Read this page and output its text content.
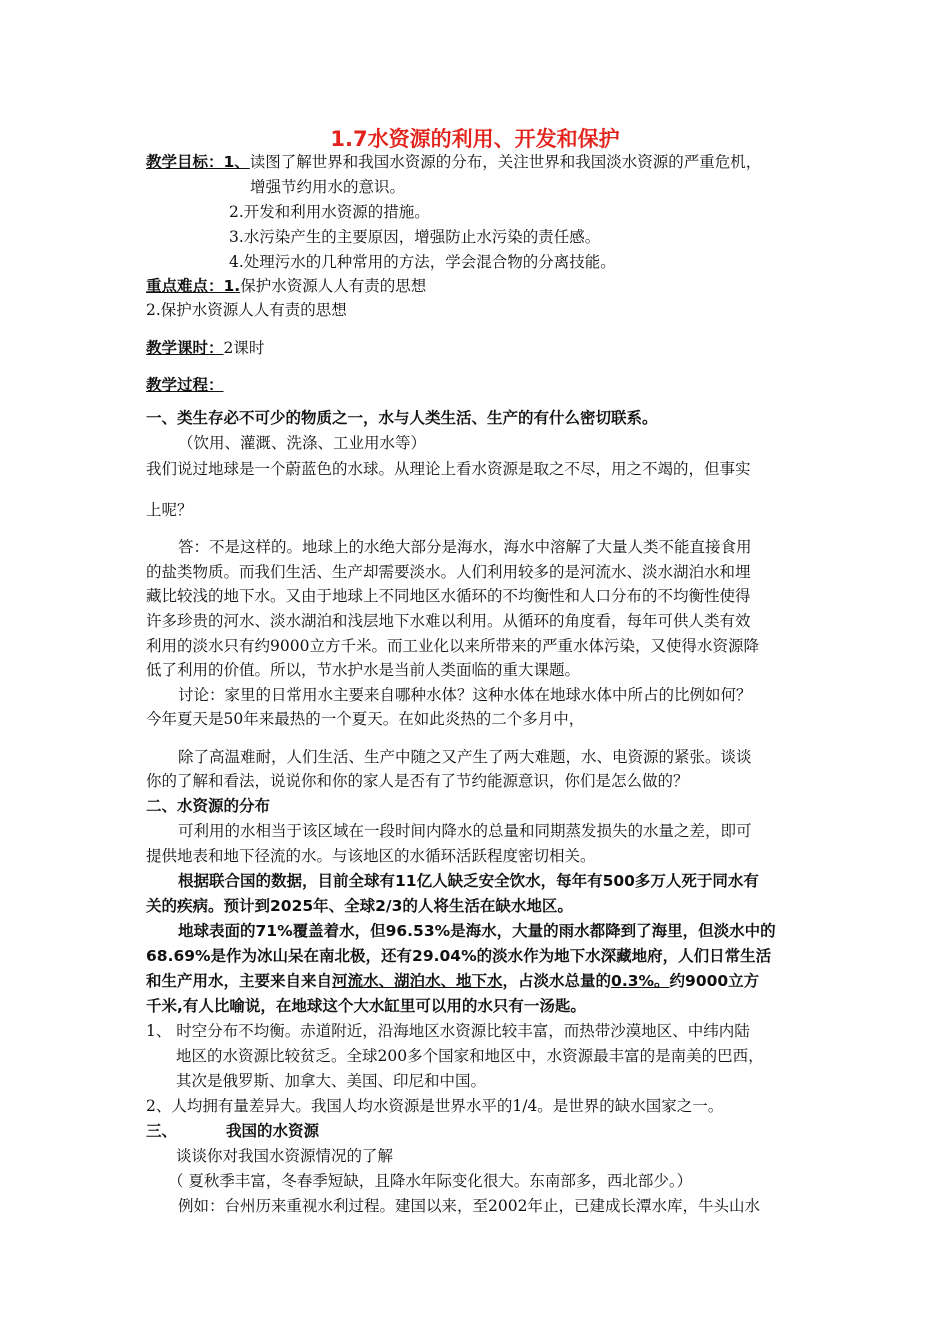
1.7水资源的利用、开发和保护
教学目标：1、读图了解世界和我国水资源的分布，关注世界和我国淡水资源的严重危机，
增强节约用水的意识。
2.开发和利用水资源的措施。
3.水污染产生的主要原因，增强防止水污染的责任感。
4.处理污水的几种常用的方法，学会混合物的分离技能。
重点难点：1.保护水资源人人有责的思想
2.保护水资源人人有责的思想
教学课时：2课时
教学过程：
一、类生存必不可少的物质之一，水与人类生活、生产的有什么密切联系。
（饮用、灌溉、洗涤、工业用水等）
我们说过地球是一个蔚蓝色的水球。从理论上看水资源是取之不尽，用之不竭的，但事实
上呢？
答：不是这样的。地球上的水绝大部分是海水，海水中溶解了大量人类不能直接食用
的盐类物质。而我们生活、生产却需要淡水。人们利用较多的是河流水、淡水湖泊水和埋
藏比较浅的地下水。又由于地球上不同地区水循环的不均衡性和人口分布的不均衡性使得
许多珍贵的河水、淡水湖泊和浅层地下水难以利用。从循环的角度看，每年可供人类有效
利用的淡水只有约9000立方千米。而工业化以来所带来的严重水体污染，又使得水资源降
低了利用的价值。所以，节水护水是当前人类面临的重大课题。
讨论：家里的日常用水主要来自哪种水体？这种水体在地球水体中所占的比例如何？
今年夏天是50年来最热的一个夏天。在如此炎热的二个多月中，
除了高温难耐，人们生活、生产中随之又产生了两大难题，水、电资源的紧张。谈谈
你的了解和看法，说说你和你的家人是否有了节约能源意识，你们是怎么做的？
二、水资源的分布
可利用的水相当于该区域在一段时间内降水的总量和同期蒸发损失的水量之差，即可
提供地表和地下径流的水。与该地区的水循环活跃程度密切相关。
根据联合国的数据，目前全球有11亿人缺乏安全饮水，每年有500多万人死于同水有
关的疾病。预计到2025年、全球2/3的人将生活在缺水地区。
地球表面的71%覆盖着水，但96.53%是海水，大量的雨水都降到了海里，但淡水中的
68.69%是作为冰山呆在南北极，还有29.04%的淡水作为地下水深藏地府，人们日常生活
和生产用水，主要来自来自河流水、湖泊水、地下水，占淡水总量的0.3%。约9000立方
千米,有人比喻说，在地球这个大水缸里可以用的水只有一汤匙。
1、 时空分布不均衡。赤道附近，沿海地区水资源比较丰富，而热带沙漠地区、中纬内陆
地区的水资源比较贫乏。全球200多个国家和地区中，水资源最丰富的是南美的巴西，
其次是俄罗斯、加拿大、美国、印尼和中国。
2、人均拥有量差异大。我国人均水资源是世界水平的1/4。是世界的缺水国家之一。
三、	我国的水资源
谈谈你对我国水资源情况的了解
（ 夏秋季丰富，冬春季短缺，且降水年际变化很大。东南部多，西北部少。）
例如：台州历来重视水利过程。建国以来，至2002年止，已建成长潭水库，牛头山水
